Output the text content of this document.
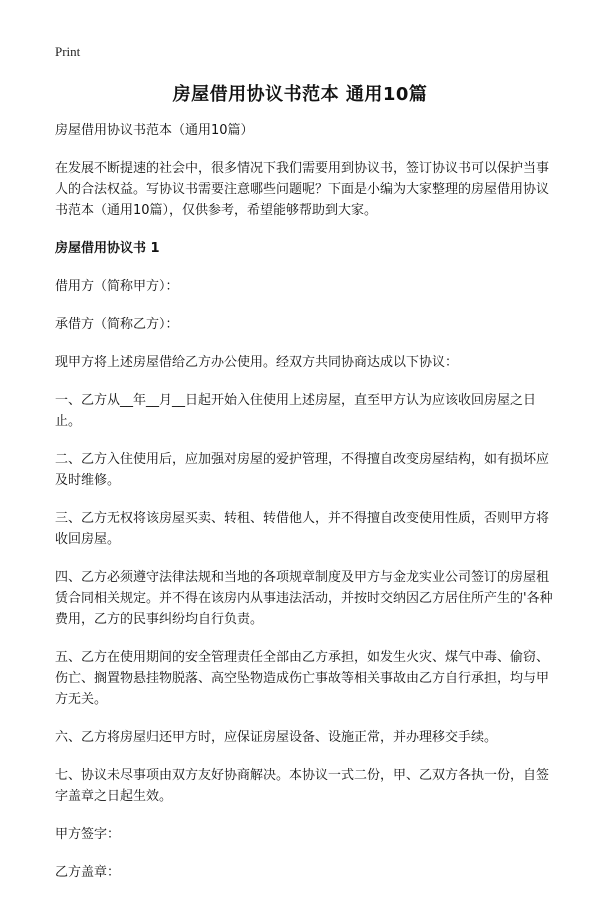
Print
房屋借用协议书范本 通用10篇

房屋借用协议书范本（通用10篇）

在发展不断提速的社会中，很多情况下我们需要用到协议书，签订协议书可以保护当事人的合法权益。写协议书需要注意哪些问题呢？下面是小编为大家整理的房屋借用协议书范本（通用10篇），仅供参考，希望能够帮助到大家。

房屋借用协议书 1

借用方（简称甲方）：

承借方（简称乙方）：

现甲方将上述房屋借给乙方办公使用。经双方共同协商达成以下协议：

一、乙方从__年__月__日起开始入住使用上述房屋，直至甲方认为应该收回房屋之日止。

二、乙方入住使用后，应加强对房屋的爱护管理，不得擅自改变房屋结构，如有损坏应及时维修。

三、乙方无权将该房屋买卖、转租、转借他人，并不得擅自改变使用性质，否则甲方将收回房屋。

四、乙方必须遵守法律法规和当地的各项规章制度及甲方与金龙实业公司签订的房屋租赁合同相关规定。并不得在该房内从事违法活动，并按时交纳因乙方居住所产生的'各种费用，乙方的民事纠纷均自行负责。

五、乙方在使用期间的安全管理责任全部由乙方承担，如发生火灾、煤气中毒、偷窃、伤亡、搁置物悬挂物脱落、高空坠物造成伤亡事故等相关事故由乙方自行承担，均与甲方无关。

六、乙方将房屋归还甲方时，应保证房屋设备、设施正常，并办理移交手续。

七、协议未尽事项由双方友好协商解决。本协议一式二份，甲、乙双方各执一份，自签字盖章之日起生效。

甲方签字：

乙方盖章：
